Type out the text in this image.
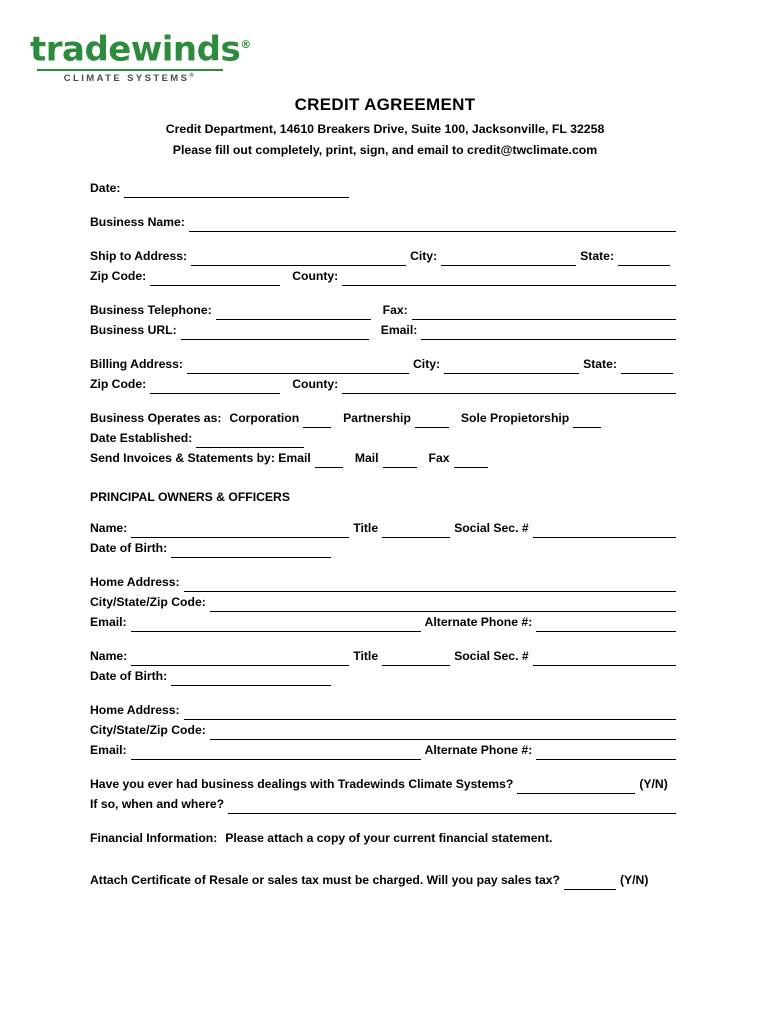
tradewinds®
CLIMATE SYSTEMS®
CREDIT AGREEMENT
Credit Department, 14610 Breakers Drive, Suite 100, Jacksonville, FL 32258
Please fill out completely, print, sign, and email to credit@twclimate.com
Date:
Business Name:
Ship to Address:	City:	State:
Zip Code:	County:
Business Telephone:	Fax:
Business URL:	Email:
Billing Address:	City:	State:
Zip Code:	County:
Business Operates as: Corporation	Partnership	Sole Propietorship
Date Established:
Send Invoices & Statements by: Email	Mail	Fax
PRINCIPAL OWNERS & OFFICERS
Name:	Title	Social Sec. #
Date of Birth:
Home Address:
City/State/Zip Code:
Email:	Alternate Phone #:
Name:	Title	Social Sec. #
Date of Birth:
Home Address:
City/State/Zip Code:
Email:	Alternate Phone #:
Have you ever had business dealings with Tradewinds Climate Systems?	(Y/N)
If so, when and where?
Financial Information: Please attach a copy of your current financial statement.
Attach Certificate of Resale or sales tax must be charged. Will you pay sales tax?	(Y/N)
